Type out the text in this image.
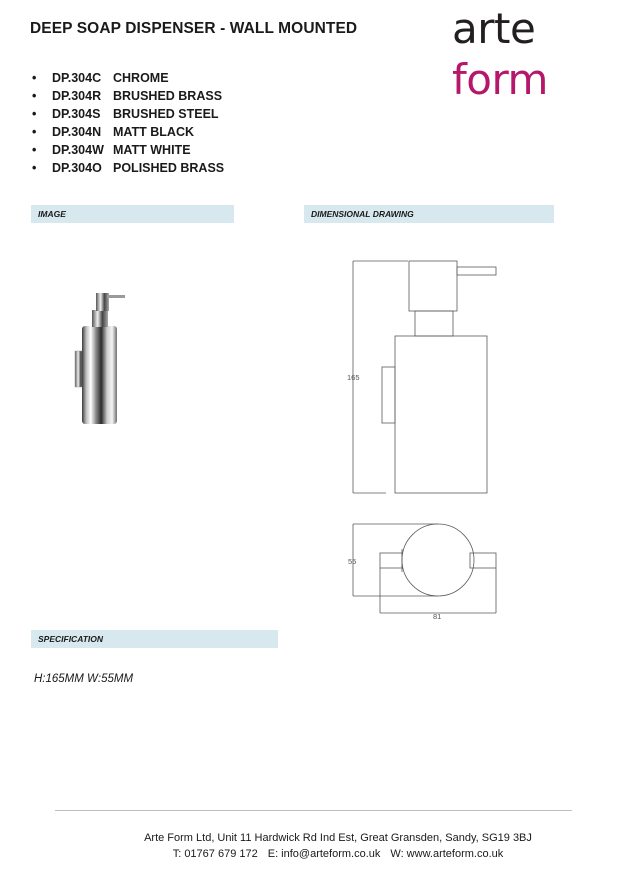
DEEP SOAP DISPENSER - WALL MOUNTED arte
form
• DP.304C CHROME
• DP.304R BRUSHED BRASS
• DP.304S BRUSHED STEEL
• DP.304N MATT BLACK
• DP.304W MATT WHITE
• DP.304O POLISHED BRASS
IMAGE	DIMENSIONAL DRAWING
165
55
81
SPECIFICATION
H:165MM W:55MM
Arte Form Ltd, Unit 11 Hardwick Rd Ind Est, Great Gransden, Sandy, SG19 3BJ
T: 01767 679 172 E: info@arteform.co.uk W: www.arteform.co.uk
